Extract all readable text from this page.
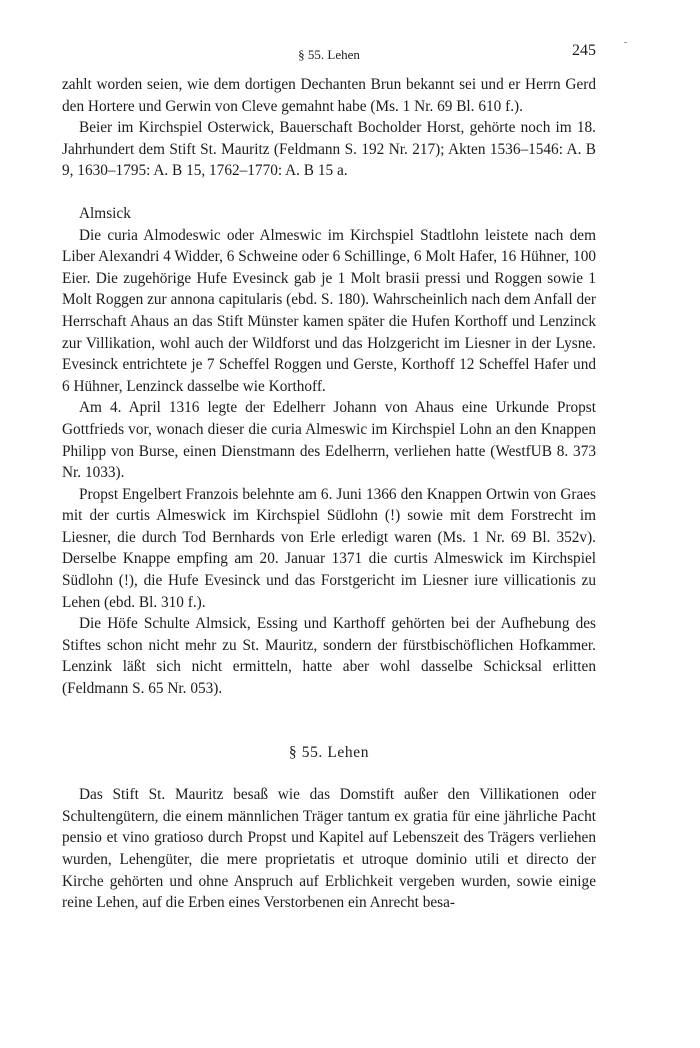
§ 55. Lehen	245

zahlt worden seien, wie dem dortigen Dechanten Brun bekannt sei und er Herrn Gerd den Hortere und Gerwin von Cleve gemahnt habe (Ms. 1 Nr. 69 Bl. 610 f.).

Beier im Kirchspiel Osterwick, Bauerschaft Bocholder Horst, gehörte noch im 18. Jahrhundert dem Stift St. Mauritz (Feldmann S. 192 Nr. 217); Akten 1536–1546: A. B 9, 1630–1795: A. B 15, 1762–1770: A. B 15 a.

Almsick

Die curia Almodeswic oder Almeswic im Kirchspiel Stadtlohn leistete nach dem Liber Alexandri 4 Widder, 6 Schweine oder 6 Schillinge, 6 Molt Hafer, 16 Hühner, 100 Eier. Die zugehörige Hufe Evesinck gab je 1 Molt brasii pressi und Roggen sowie 1 Molt Roggen zur annona capitularis (ebd. S. 180). Wahrscheinlich nach dem Anfall der Herrschaft Ahaus an das Stift Münster kamen später die Hufen Korthoff und Lenzinck zur Villikation, wohl auch der Wildforst und das Holzgericht im Liesner in der Lysne. Evesinck entrichtete je 7 Scheffel Roggen und Gerste, Korthoff 12 Scheffel Hafer und 6 Hühner, Lenzinck dasselbe wie Korthoff.

Am 4. April 1316 legte der Edelherr Johann von Ahaus eine Urkunde Propst Gottfrieds vor, wonach dieser die curia Almeswic im Kirchspiel Lohn an den Knappen Philipp von Burse, einen Dienstmann des Edelherrn, verliehen hatte (WestfUB 8. 373 Nr. 1033).

Propst Engelbert Franzois belehnte am 6. Juni 1366 den Knappen Ortwin von Graes mit der curtis Almeswick im Kirchspiel Südlohn (!) sowie mit dem Forstrecht im Liesner, die durch Tod Bernhards von Erle erledigt waren (Ms. 1 Nr. 69 Bl. 352v). Derselbe Knappe empfing am 20. Januar 1371 die curtis Almeswick im Kirchspiel Südlohn (!), die Hufe Evesinck und das Forstgericht im Liesner iure villicationis zu Lehen (ebd. Bl. 310 f.).

Die Höfe Schulte Almsick, Essing und Karthoff gehörten bei der Aufhebung des Stiftes schon nicht mehr zu St. Mauritz, sondern der fürstbischöflichen Hofkammer. Lenzink läßt sich nicht ermitteln, hatte aber wohl dasselbe Schicksal erlitten (Feldmann S. 65 Nr. 053).

§ 55. Lehen

Das Stift St. Mauritz besaß wie das Domstift außer den Villikationen oder Schultengütern, die einem männlichen Träger tantum ex gratia für eine jährliche Pacht pensio et vino gratioso durch Propst und Kapitel auf Lebenszeit des Trägers verliehen wurden, Lehengüter, die mere proprietatis et utroque dominio utili et directo der Kirche gehörten und ohne Anspruch auf Erblichkeit vergeben wurden, sowie einige reine Lehen, auf die Erben eines Verstorbenen ein Anrecht besa-
